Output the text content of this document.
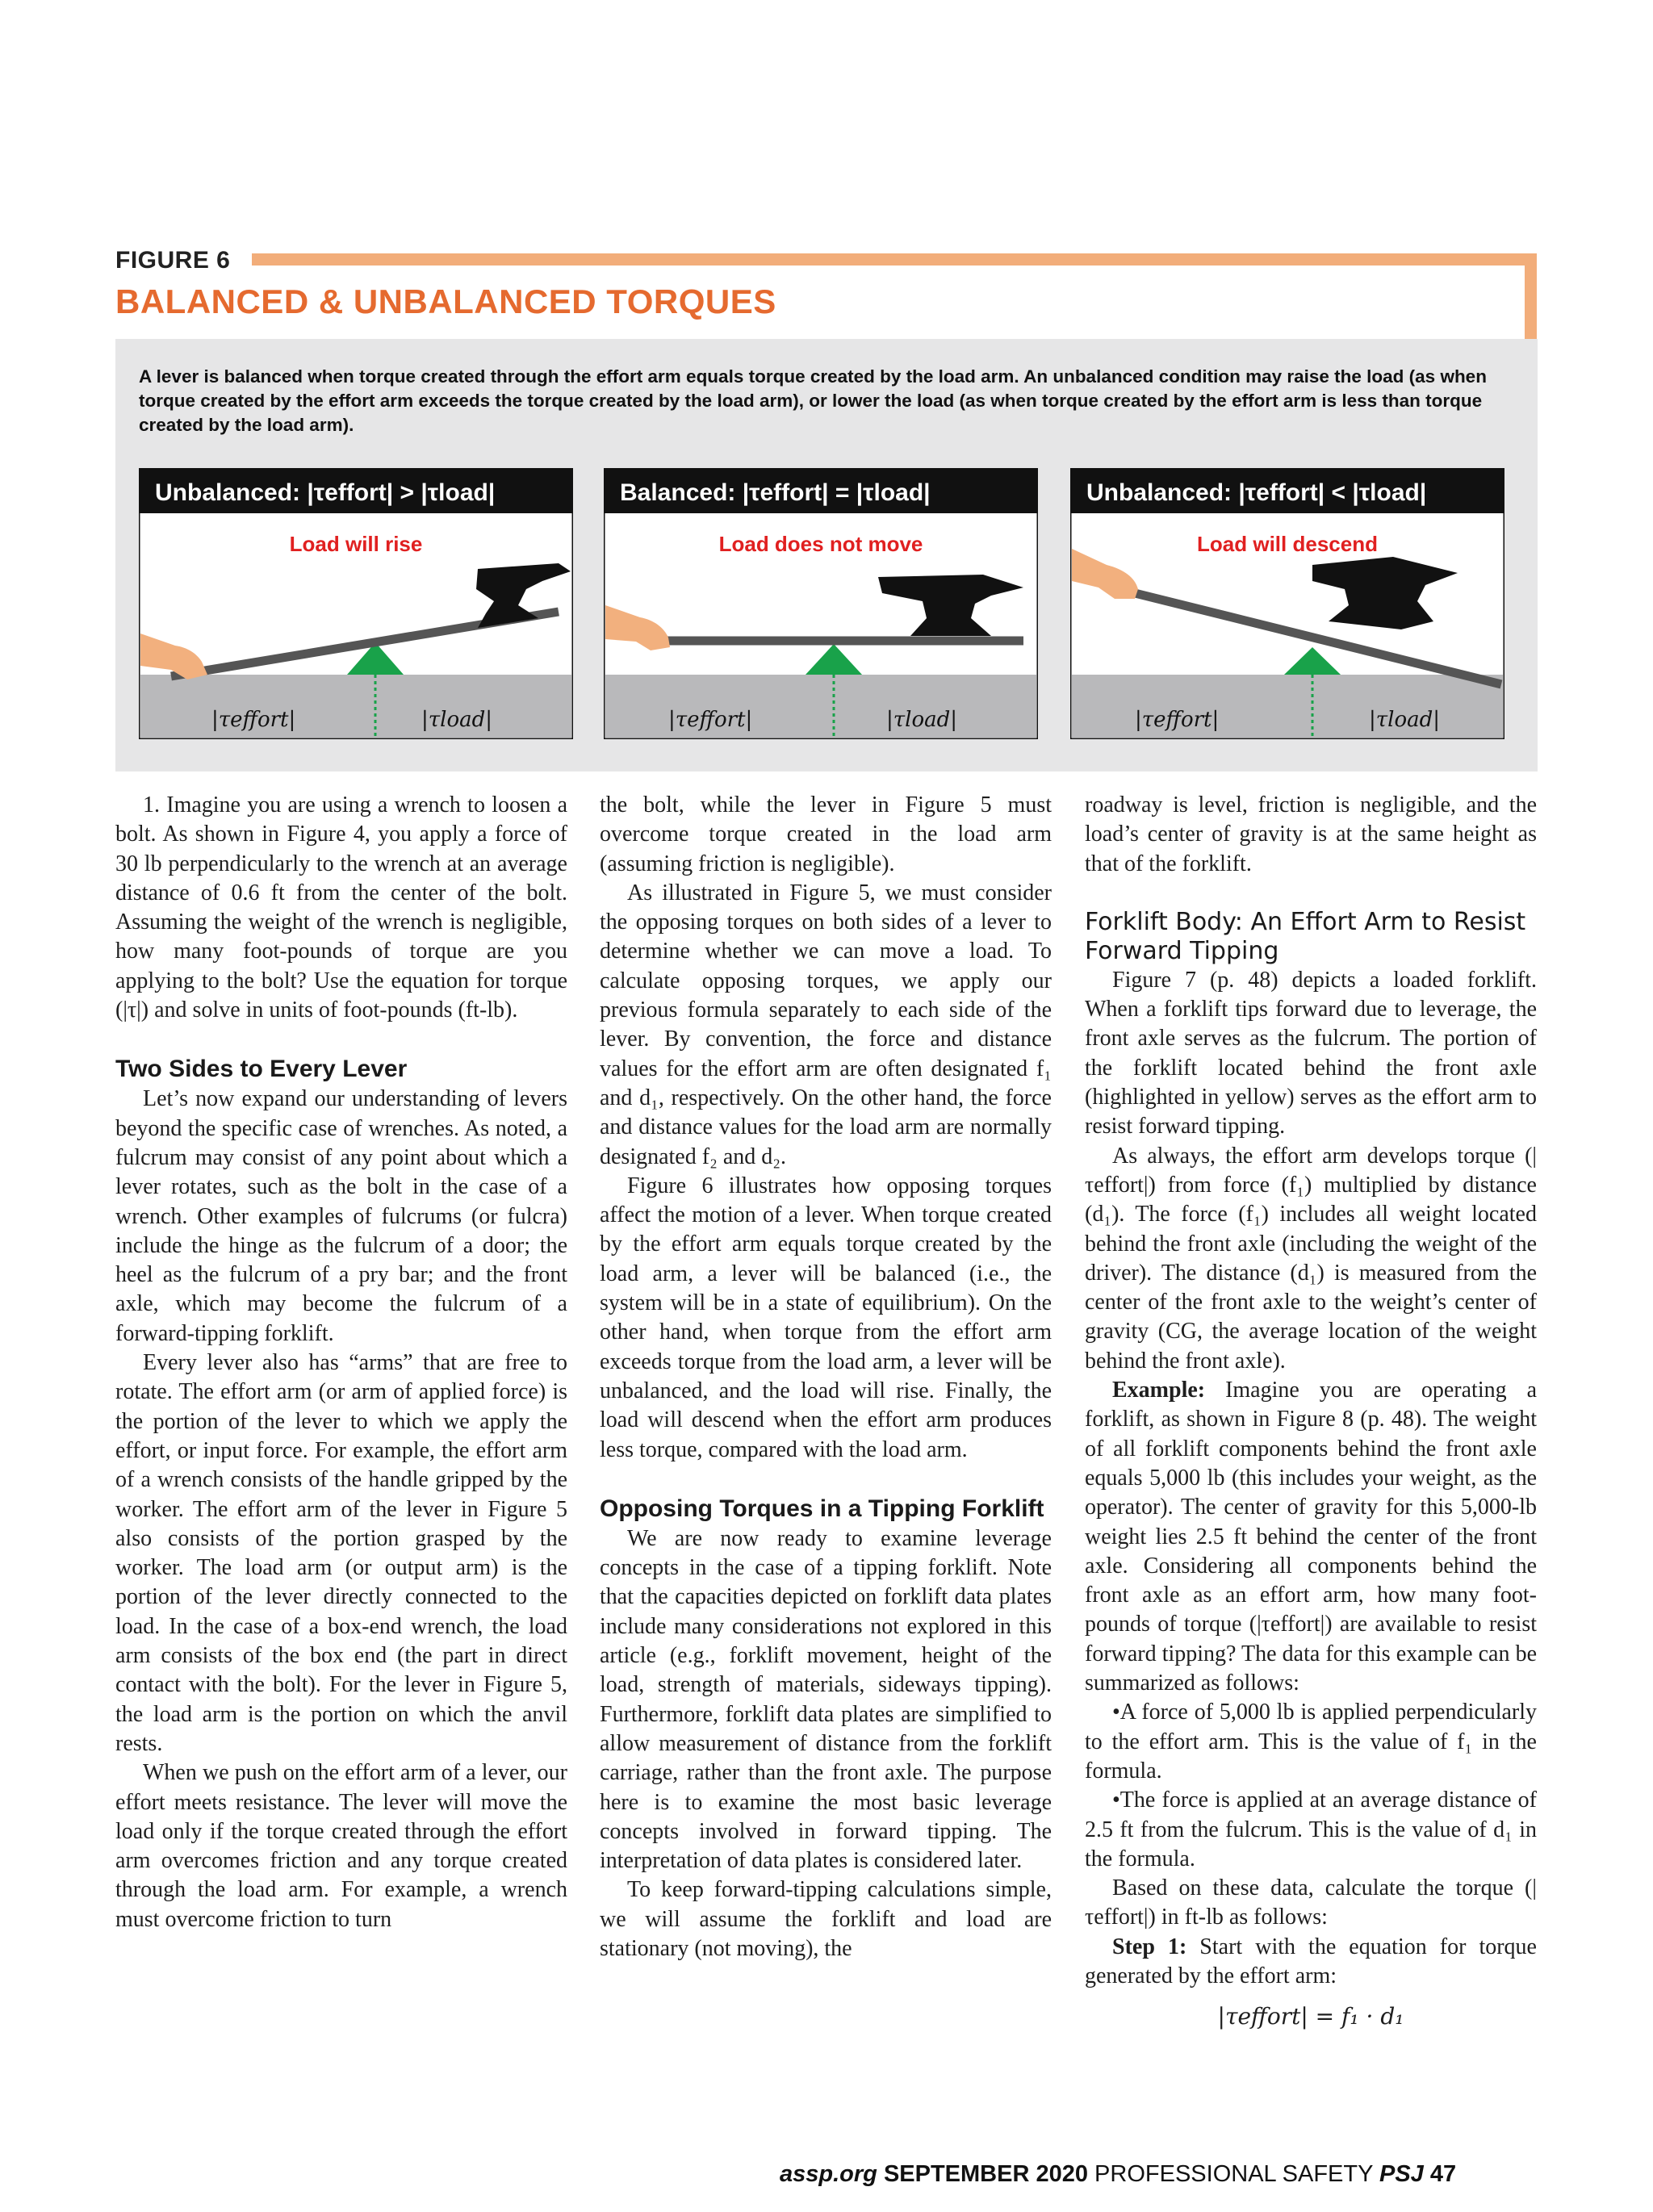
FIGURE 6
BALANCED & UNBALANCED TORQUES
A lever is balanced when torque created through the effort arm equals torque created by the load arm. An unbalanced condition may raise the load (as when torque created by the effort arm exceeds the torque created by the load arm), or lower the load (as when torque created by the effort arm is less than torque created by the load arm).
Unbalanced: |τeffort| > |τload|
Load will rise
|τeffort|	|τload|
Balanced: |τeffort| = |τload|
Load does not move
|τeffort|	|τload|
Unbalanced: |τeffort| < |τload|
Load will descend
|τeffort|	|τload|

1. Imagine you are using a wrench to loosen a bolt. As shown in Figure 4, you apply a force of 30 lb perpendicularly to the wrench at an average distance of 0.6 ft from the center of the bolt. Assuming the weight of the wrench is negligible, how many foot-pounds of torque are you applying to the bolt? Use the equation for torque (|τ|) and solve in units of foot-pounds (ft-lb).

Two Sides to Every Lever

Let’s now expand our understanding of levers beyond the specific case of wrenches. As noted, a fulcrum may consist of any point about which a lever rotates, such as the bolt in the case of a wrench. Other examples of fulcrums (or fulcra) include the hinge as the fulcrum of a door; the heel as the fulcrum of a pry bar; and the front axle, which may become the fulcrum of a forward-tipping forklift.

Every lever also has “arms” that are free to rotate. The effort arm (or arm of applied force) is the portion of the lever to which we apply the effort, or input force. For example, the effort arm of a wrench consists of the handle gripped by the worker. The effort arm of the lever in Figure 5 also consists of the portion grasped by the worker. The load arm (or output arm) is the portion of the lever directly connected to the load. In the case of a box-end wrench, the load arm consists of the box end (the part in direct contact with the bolt). For the lever in Figure 5, the load arm is the portion on which the anvil rests.

When we push on the effort arm of a lever, our effort meets resistance. The lever will move the load only if the torque created through the effort arm overcomes friction and any torque created through the load arm. For example, a wrench must overcome friction to turn

the bolt, while the lever in Figure 5 must overcome torque created in the load arm (assuming friction is negligible).

As illustrated in Figure 5, we must consider the opposing torques on both sides of a lever to determine whether we can move a load. To calculate opposing torques, we apply our previous formula separately to each side of the lever. By convention, the force and distance values for the effort arm are often designated f₁ and d₁, respectively. On the other hand, the force and distance values for the load arm are normally designated f₂ and d₂.

Figure 6 illustrates how opposing torques affect the motion of a lever. When torque created by the effort arm equals torque created by the load arm, a lever will be balanced (i.e., the system will be in a state of equilibrium). On the other hand, when torque from the effort arm exceeds torque from the load arm, a lever will be unbalanced, and the load will rise. Finally, the load will descend when the effort arm produces less torque, compared with the load arm.

Opposing Torques in a Tipping Forklift

We are now ready to examine leverage concepts in the case of a tipping forklift. Note that the capacities depicted on forklift data plates include many considerations not explored in this article (e.g., forklift movement, height of the load, strength of materials, sideways tipping). Furthermore, forklift data plates are simplified to allow measurement of distance from the forklift carriage, rather than the front axle. The purpose here is to examine the most basic leverage concepts involved in forward tipping. The interpretation of data plates is considered later.

To keep forward-tipping calculations simple, we will assume the forklift and load are stationary (not moving), the

roadway is level, friction is negligible, and the load’s center of gravity is at the same height as that of the forklift.

Forklift Body: An Effort Arm to Resist Forward Tipping

Figure 7 (p. 48) depicts a loaded forklift. When a forklift tips forward due to leverage, the front axle serves as the fulcrum. The portion of the forklift located behind the front axle (highlighted in yellow) serves as the effort arm to resist forward tipping.

As always, the effort arm develops torque (|τeffort|) from force (f₁) multiplied by distance (d₁). The force (f₁) includes all weight located behind the front axle (including the weight of the driver). The distance (d₁) is measured from the center of the front axle to the weight’s center of gravity (CG, the average location of the weight behind the front axle).

Example: Imagine you are operating a forklift, as shown in Figure 8 (p. 48). The weight of all forklift components behind the front axle equals 5,000 lb (this includes your weight, as the operator). The center of gravity for this 5,000-lb weight lies 2.5 ft behind the center of the front axle. Considering all components behind the front axle as an effort arm, how many foot-pounds of torque (|τeffort|) are available to resist forward tipping? The data for this example can be summarized as follows:

•A force of 5,000 lb is applied perpendicularly to the effort arm. This is the value of f₁ in the formula.

•The force is applied at an average distance of 2.5 ft from the fulcrum. This is the value of d₁ in the formula.

Based on these data, calculate the torque (|τeffort|) in ft-lb as follows:

Step 1: Start with the equation for torque generated by the effort arm:

|τeffort| = f₁ · d₁
assp.org SEPTEMBER 2020 PROFESSIONAL SAFETY PSJ 47
